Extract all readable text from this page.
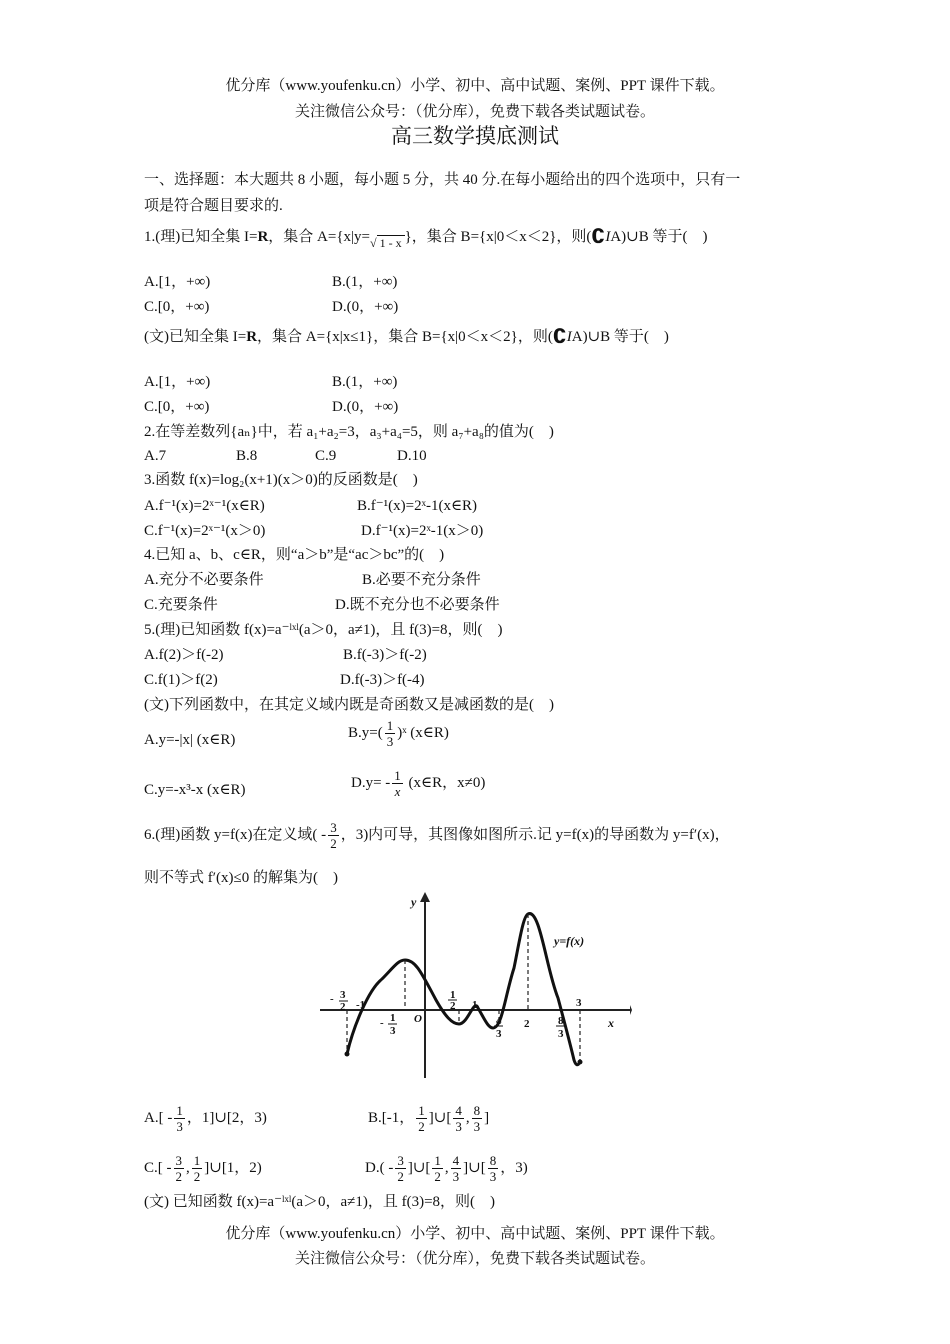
优分库（www.youfenku.cn）小学、初中、高中试题、案例、PPT 课件下载。
关注微信公众号：（优分库），免费下载各类试题试卷。
高三数学摸底测试
一、选择题：本大题共 8 小题，每小题 5 分，共 40 分.在每小题给出的四个选项中，只有一
项是符合题目要求的.
1.(理)已知全集 I=R，集合 A={x|y=√ 1 - x }，集合 B={x|0＜x＜2}，则(∁IA)∪B 等于(　)
A.[1，+∞)	B.(1，+∞)
C.[0，+∞)	D.(0，+∞)
(文)已知全集 I=R，集合 A={x|x≤1}，集合 B={x|0＜x＜2}，则(∁IA)∪B 等于(　)
A.[1，+∞)	B.(1，+∞)
C.[0，+∞)	D.(0，+∞)
2.在等差数列{aₙ}中，若 a₁+a₂=3，a₃+a₄=5，则 a₇+a₈的值为(　)
A.7	B.8	C.9	D.10
3.函数 f(x)=log₂(x+1)(x＞0)的反函数是(　)
A.f⁻¹(x)=2ˣ⁻¹(x∈R)	B.f⁻¹(x)=2ˣ-1(x∈R)
C.f⁻¹(x)=2ˣ⁻¹(x＞0)	D.f⁻¹(x)=2ˣ-1(x＞0)
4.已知 a、b、c∈R，则“a＞b”是“ac＞bc”的(　)
A.充分不必要条件	B.必要不充分条件
C.充要条件	D.既不充分也不必要条件
5.(理)已知函数 f(x)=a⁻ˡˣˡ(a＞0，a≠1)，且 f(3)=8，则(　)
A.f(2)＞f(-2)	B.f(-3)＞f(-2)
C.f(1)＞f(2)	D.f(-3)＞f(-4)
(文)下列函数中，在其定义域内既是奇函数又是减函数的是(　)
A.y=-|x| (x∈R)	$B.y=( \frac{1}{3}$ )ˣ (x∈R)
C.y=-x³-x (x∈R)	$D.y= - \frac{1}{x}$ (x∈R，x≠0)
6.(理)函数 y=f(x)在定义域( - $\frac{3}{2}$ ，3)内可导，其图像如图所示.记 y=f(x)的导函数为 y=f′(x)，
则不等式 f′(x)≤0 的解集为(　)
y
x
y=f(x)
O
- 3
2 -1
- 1
3
1
2 1
4
3
2	8
3
3
$A.[ - \frac{1}{3}$ ，1]∪[2，3)	B.[-1， $\frac{1}{2}$ ]∪[ $\frac{4}{3}$ , $\frac{8}{3}$ ]
$C.[ - \frac{3}{2}$ , $\frac{1}{2}$ ]∪[1，2)	$D.( - \frac{3}{2}$ ]∪[ $\frac{1}{2}$ , $\frac{4}{3}$ ]∪[ $\frac{8}{3}$ ，3)
(文) 已知函数 f(x)=a⁻ˡˣˡ(a＞0，a≠1)，且 f(3)=8，则(　)
优分库（www.youfenku.cn）小学、初中、高中试题、案例、PPT 课件下载。
关注微信公众号：（优分库），免费下载各类试题试卷。
